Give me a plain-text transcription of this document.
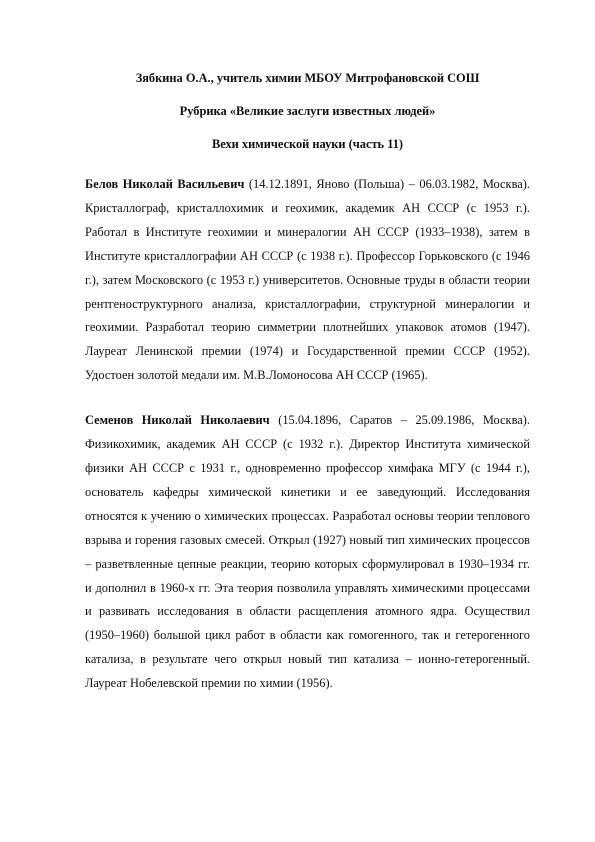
Зябкина О.А., учитель химии МБОУ Митрофановской СОШ

Рубрика «Великие заслуги известных людей»

Вехи химической науки (часть 11)

Белов Николай Васильевич (14.12.1891, Яново (Польша) – 06.03.1982, Москва). Кристаллограф, кристаллохимик и геохимик, академик АН СССР (с 1953 г.). Работал в Институте геохимии и минералогии АН СССР (1933–1938), затем в Институте кристаллографии АН СССР (с 1938 г.). Профессор Горьковского (с 1946 г.), затем Московского (с 1953 г.) университетов. Основные труды в области теории рентгеноструктурного анализа, кристаллографии, структурной минералогии и геохимии. Разработал теорию симметрии плотнейших упаковок атомов (1947). Лауреат Ленинской премии (1974) и Государственной премии СССР (1952). Удостоен золотой медали им. М.В.Ломоносова АН СССР (1965).

Семенов Николай Николаевич (15.04.1896, Саратов – 25.09.1986, Москва). Физикохимик, академик АН СССР (с 1932 г.). Директор Института химической физики АН СССР с 1931 г., одновременно профессор химфака МГУ (с 1944 г.), основатель кафедры химической кинетики и ее заведующий. Исследования относятся к учению о химических процессах. Разработал основы теории теплового взрыва и горения газовых смесей. Открыл (1927) новый тип химических процессов – разветвленные цепные реакции, теорию которых сформулировал в 1930–1934 гг. и дополнил в 1960-х гг. Эта теория позволила управлять химическими процессами и развивать исследования в области расщепления атомного ядра. Осуществил (1950–1960) большой цикл работ в области как гомогенного, так и гетерогенного катализа, в результате чего открыл новый тип катализа – ионно-гетерогенный. Лауреат Нобелевской премии по химии (1956).
